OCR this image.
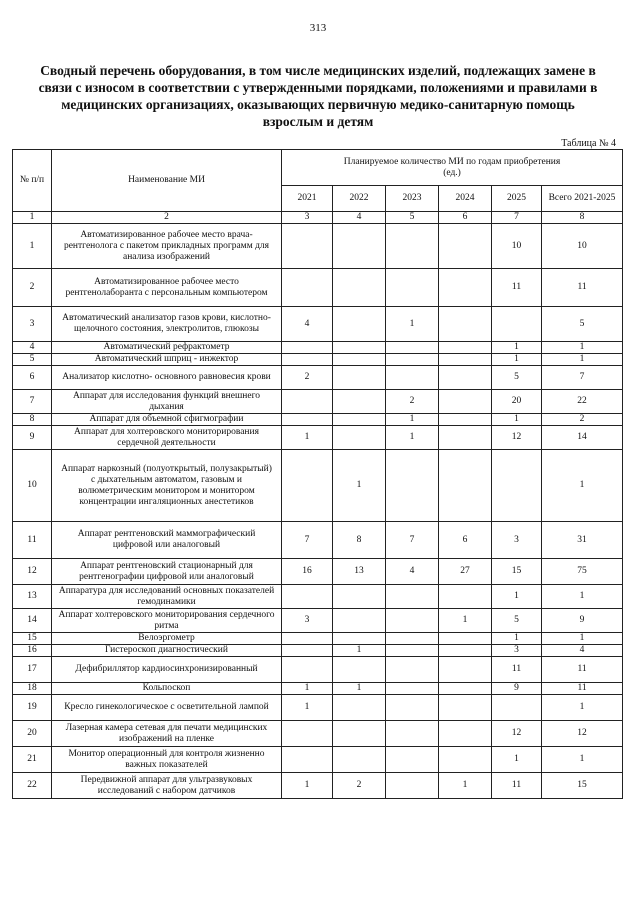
313
Сводный перечень оборудования, в том числе медицинских изделий, подлежащих замене в
связи с износом в соответствии с утвержденными порядками, положениями и правилами в
медицинских организациях, оказывающих первичную медико-санитарную помощь
взрослым и детям
Таблица № 4
№ п/п	Наименование МИ	Планируемое количество МИ по годам приобретения (ед.)					
		2021	2022	2023	2024	2025	Всего 2021-2025
1	2	3	4	5	6	7	8
1	Автоматизированное рабочее место врача-рентгенолога с пакетом прикладных программ для анализа изображений					10	10
2	Автоматизированное рабочее место рентгенолаборанта с персональным компьютером					11	11
3	Автоматический анализатор газов крови, кислотно-щелочного состояния, электролитов, глюкозы	4		1			5
4	Автоматический рефрактометр					1	1
5	Автоматический шприц - инжектор					1	1
6	Анализатор кислотно- основного равновесия крови	2				5	7
7	Аппарат для исследования функций внешнего дыхания			2		20	22
8	Аппарат для объемной сфигмографии			1		1	2
9	Аппарат для холтеровского мониторирования сердечной деятельности	1		1		12	14
10	Аппарат наркозный (полуоткрытый, полузакрытый) с дыхательным автоматом, газовым и волюметрическим монитором и монитором концентрации ингаляционных анестетиков		1				1
11	Аппарат рентгеновский маммографический цифровой или аналоговый	7	8	7	6	3	31
12	Аппарат рентгеновский стационарный для рентгенографии цифровой или аналоговый	16	13	4	27	15	75
13	Аппаратура для исследований основных показателей гемодинамики					1	1
14	Аппарат холтеровского мониторирования сердечного ритма	3			1	5	9
15	Велоэргометр					1	1
16	Гистероскоп диагностический		1			3	4
17	Дефибриллятор кардиосинхронизированный					11	11
18	Кольпоскоп	1	1			9	11
19	Кресло гинекологическое с осветительной лампой	1					1
20	Лазерная камера сетевая для печати медицинских изображений на пленке					12	12
21	Монитор операционный для контроля жизненно важных показателей					1	1
22	Передвижной аппарат для ультразвуковых исследований с набором датчиков	1	2		1	11	15
